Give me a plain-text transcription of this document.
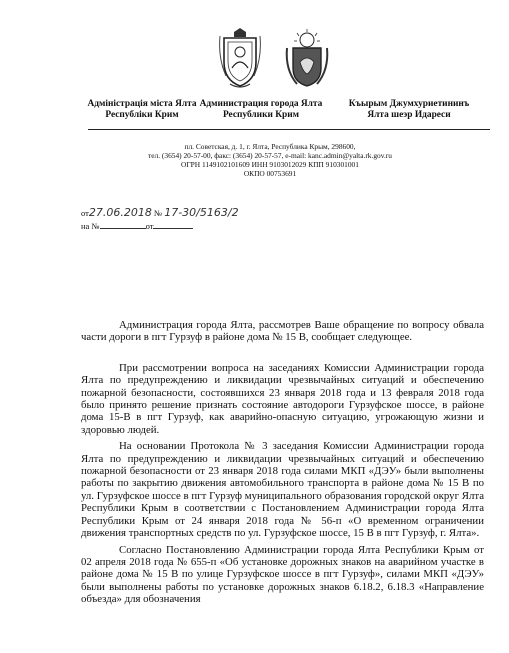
Адміністрація міста Ялта
Республіки Крим
Администрация города Ялта
Республики Крим
Къырым Джумхуриетининъ
Ялта шеэр Идареси
пл. Советская, д. 1, г. Ялта, Республика Крым, 298600,
тел. (3654) 20-57-00, факс: (3654) 20-57-57, e-mail: kanc.admin@yalta.rk.gov.ru
ОГРН 1149102101609 ИНН 9103012029 КПП 910301001
ОКПО 00753691
от27.06.2018 № 17-30/5163/2
на №	от

Администрация города Ялта, рассмотрев Ваше обращение по вопросу обвала части дороги в пгт Гурзуф в районе дома № 15 В, сообщает следующее.

При рассмотрении вопроса на заседаниях Комиссии Администрации города Ялта по предупреждению и ликвидации чрезвычайных ситуаций и обеспечению пожарной безопасности, состоявшихся 23 января 2018 года и 13 февраля 2018 года было принято решение признать состояние автодороги Гурзуфское шоссе, в районе дома 15-В в пгт Гурзуф, как аварийно-опасную ситуацию, угрожающую жизни и здоровью людей.

На основании Протокола № 3 заседания Комиссии Администрации города Ялта по предупреждению и ликвидации чрезвычайных ситуаций и обеспечению пожарной безопасности от 23 января 2018 года силами МКП «ДЭУ» были выполнены работы по закрытию движения автомобильного транспорта в районе дома № 15 В по ул. Гурзуфское шоссе в пгт Гурзуф муниципального образования городской округ Ялта Республики Крым в соответствии с Постановлением Администрации города Ялта Республики Крым от 24 января 2018 года № 56-п «О временном ограничении движения транспортных средств по ул. Гурзуфское шоссе, 15 В в пгт Гурзуф, г. Ялта».

Согласно Постановлению Администрации города Ялта Республики Крым от 02 апреля 2018 года № 655-п «Об установке дорожных знаков на аварийном участке в районе дома № 15 В по улице Гурзуфское шоссе в пгт Гурзуф», силами МКП «ДЭУ» были выполнены работы по установке дорожных знаков 6.18.2, 6.18.3 «Направление объезда» для обозначения
